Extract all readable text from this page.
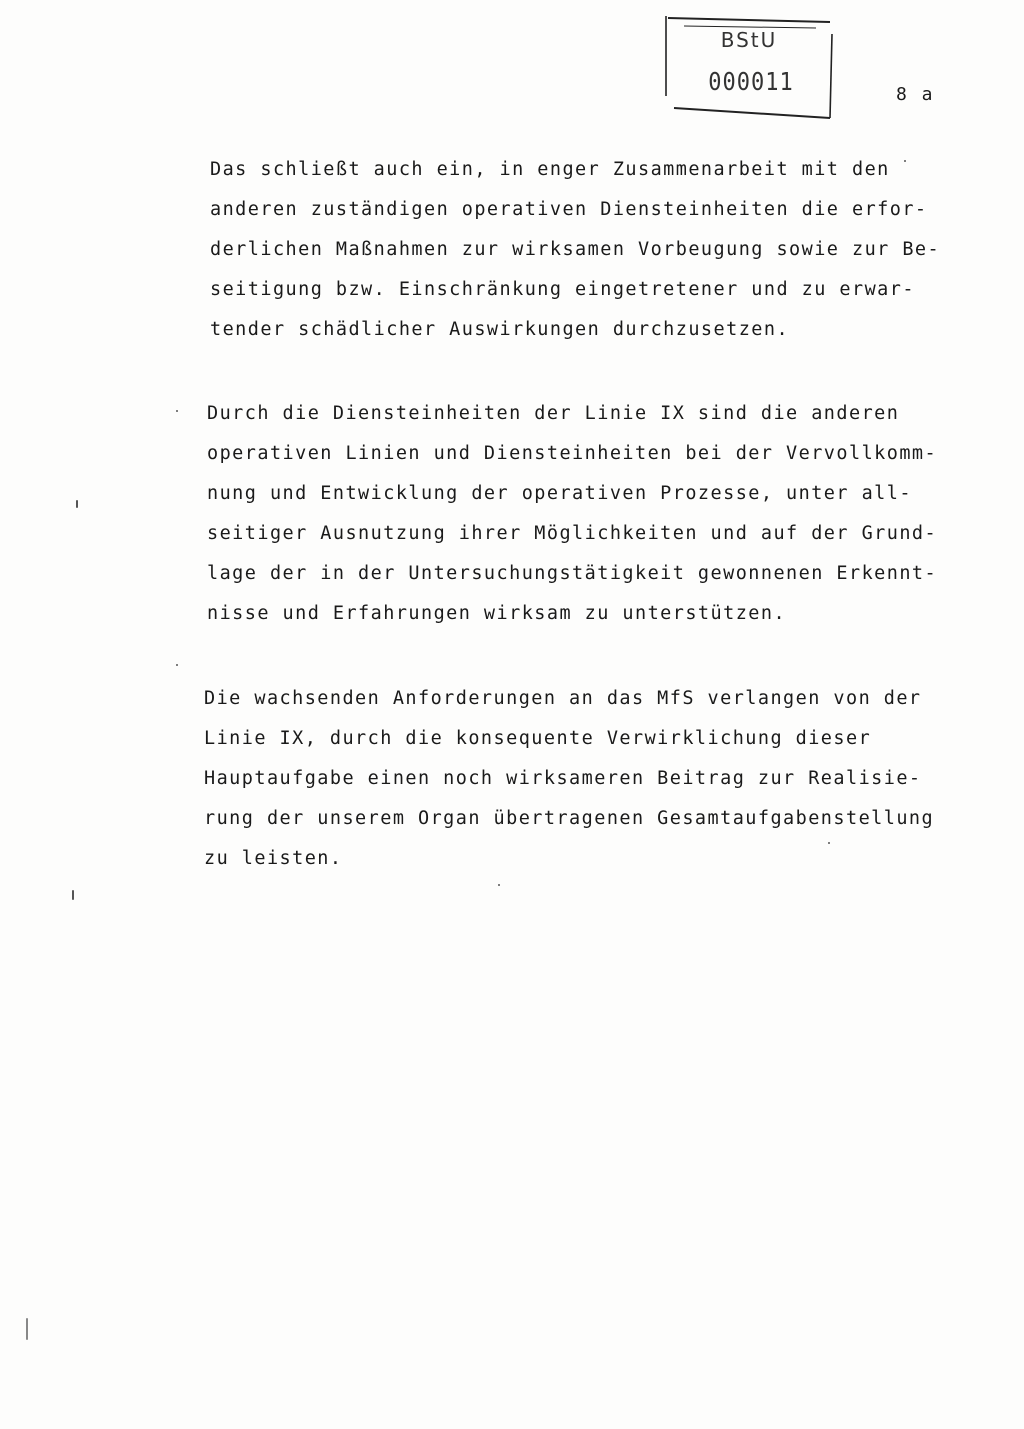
BStU
000011	8 a
Das schließt auch ein, in enger Zusammenarbeit mit den
anderen zuständigen operativen Diensteinheiten die erfor-
derlichen Maßnahmen zur wirksamen Vorbeugung sowie zur Be-
seitigung bzw. Einschränkung eingetretener und zu erwar-
tender schädlicher Auswirkungen durchzusetzen.
Durch die Diensteinheiten der Linie IX sind die anderen
operativen Linien und Diensteinheiten bei der Vervollkomm-
nung und Entwicklung der operativen Prozesse, unter all-
seitiger Ausnutzung ihrer Möglichkeiten und auf der Grund-
lage der in der Untersuchungstätigkeit gewonnenen Erkennt-
nisse und Erfahrungen wirksam zu unterstützen.
Die wachsenden Anforderungen an das MfS verlangen von der
Linie IX, durch die konsequente Verwirklichung dieser
Hauptaufgabe einen noch wirksameren Beitrag zur Realisie-
rung der unserem Organ übertragenen Gesamtaufgabenstellung
zu leisten.
